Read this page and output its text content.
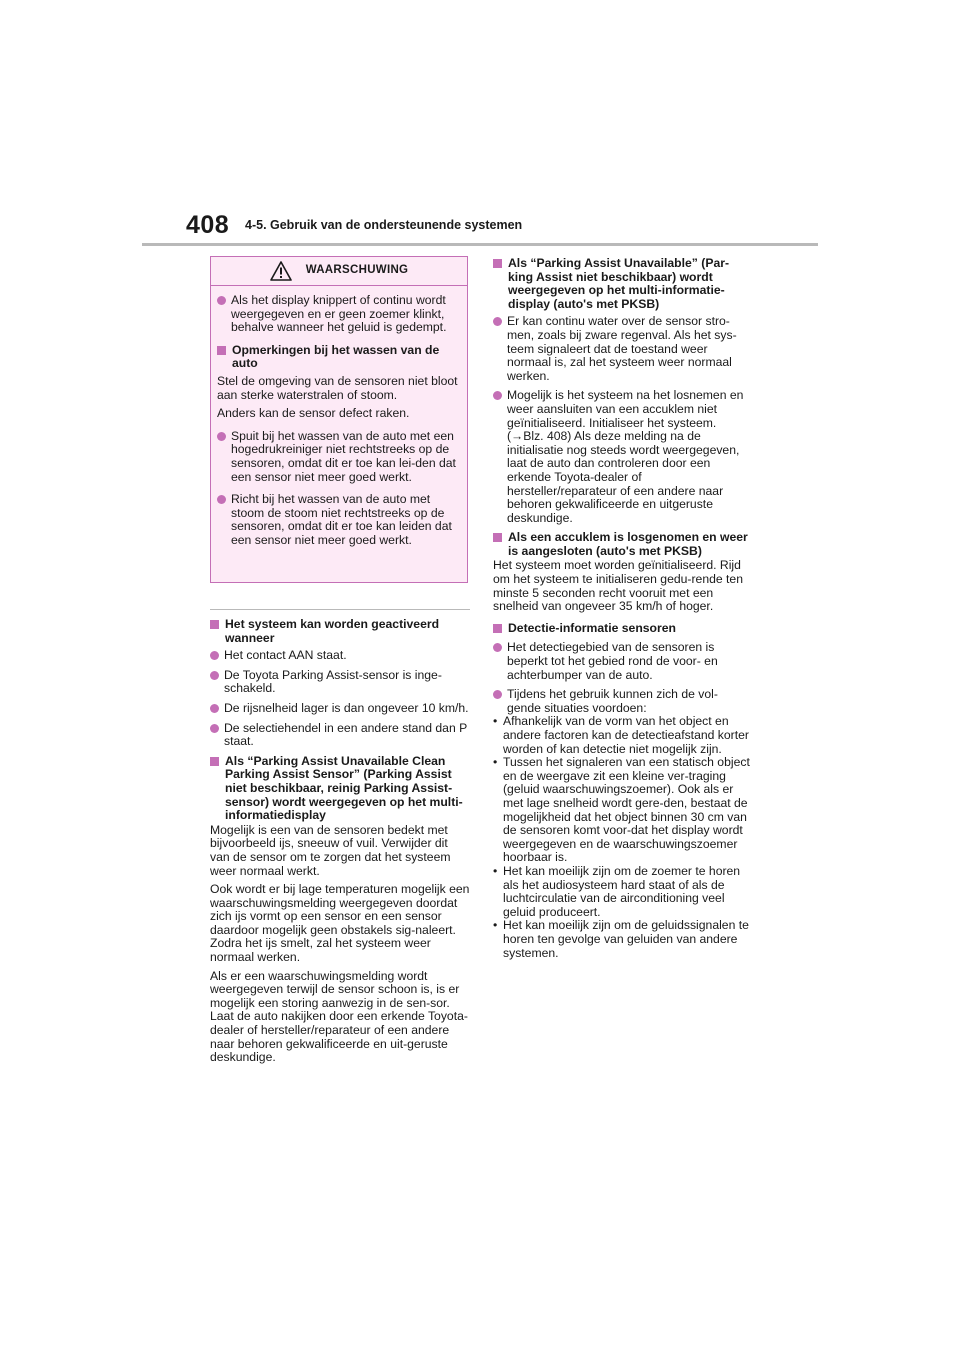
408 4-5. Gebruik van de ondersteunende systemen
WAARSCHUWING
Als het display knippert of continu wordt weergegeven en er geen zoemer klinkt, behalve wanneer het geluid is gedempt.
Opmerkingen bij het wassen van de auto

Stel de omgeving van de sensoren niet bloot aan sterke waterstralen of stoom.

Anders kan de sensor defect raken.

Spuit bij het wassen van de auto met een hogedrukreiniger niet rechtstreeks op de sensoren, omdat dit er toe kan lei-den dat een sensor niet meer goed werkt.
Richt bij het wassen van de auto met stoom de stoom niet rechtstreeks op de sensoren, omdat dit er toe kan leiden dat een sensor niet meer goed werkt.
Het systeem kan worden geactiveerd wanneer
Het contact AAN staat.
De Toyota Parking Assist-sensor is inge-schakeld.
De rijsnelheid lager is dan ongeveer 10 km/h.
De selectiehendel in een andere stand dan P staat.
Als “Parking Assist Unavailable Clean Parking Assist Sensor” (Parking Assist niet beschikbaar, reinig Parking Assist-sensor) wordt weergegeven op het multi-informatiedisplay

Mogelijk is een van de sensoren bedekt met bijvoorbeeld ijs, sneeuw of vuil. Verwijder dit van de sensor om te zorgen dat het systeem weer normaal werkt.

Ook wordt er bij lage temperaturen mogelijk een waarschuwingsmelding weergegeven doordat zich ijs vormt op een sensor en een sensor daardoor mogelijk geen obstakels sig-naleert. Zodra het ijs smelt, zal het systeem weer normaal werken.

Als er een waarschuwingsmelding wordt weergegeven terwijl de sensor schoon is, is er mogelijk een storing aanwezig in de sen-sor. Laat de auto nakijken door een erkende Toyota-dealer of hersteller/reparateur of een andere naar behoren gekwalificeerde en uit-geruste deskundige.

Als “Parking Assist Unavailable” (Par-king Assist niet beschikbaar) wordt weergegeven op het multi-informatie-display (auto's met PKSB)
Er kan continu water over de sensor stro-men, zoals bij zware regenval. Als het sys-teem signaleert dat de toestand weer normaal is, zal het systeem weer normaal werken.
Mogelijk is het systeem na het losnemen en weer aansluiten van een accuklem niet geïnitialiseerd. Initialiseer het systeem. (→Blz. 408) Als deze melding na de initialisatie nog steeds wordt weergegeven, laat de auto dan controleren door een erkende Toyota-dealer of hersteller/reparateur of een andere naar behoren gekwalificeerde en uitgeruste deskundige.
Als een accuklem is losgenomen en weer is aangesloten (auto's met PKSB)

Het systeem moet worden geïnitialiseerd. Rijd om het systeem te initialiseren gedu-rende ten minste 5 seconden recht vooruit met een snelheid van ongeveer 35 km/h of hoger.

Detectie-informatie sensoren
Het detectiegebied van de sensoren is beperkt tot het gebied rond de voor- en achterbumper van de auto.
Tijdens het gebruik kunnen zich de vol-gende situaties voordoen:
• Afhankelijk van de vorm van het object en andere factoren kan de detectieafstand korter worden of kan detectie niet mogelijk zijn.
• Tussen het signaleren van een statisch object en de weergave zit een kleine ver-traging (geluid waarschuwingszoemer). Ook als er met lage snelheid wordt gere-den, bestaat de mogelijkheid dat het object binnen 30 cm van de sensoren komt voor-dat het display wordt weergegeven en de waarschuwingszoemer hoorbaar is.
• Het kan moeilijk zijn om de zoemer te horen als het audiosysteem hard staat of als de luchtcirculatie van de airconditioning veel geluid produceert.
• Het kan moeilijk zijn om de geluidssignalen te horen ten gevolge van geluiden van andere systemen.
